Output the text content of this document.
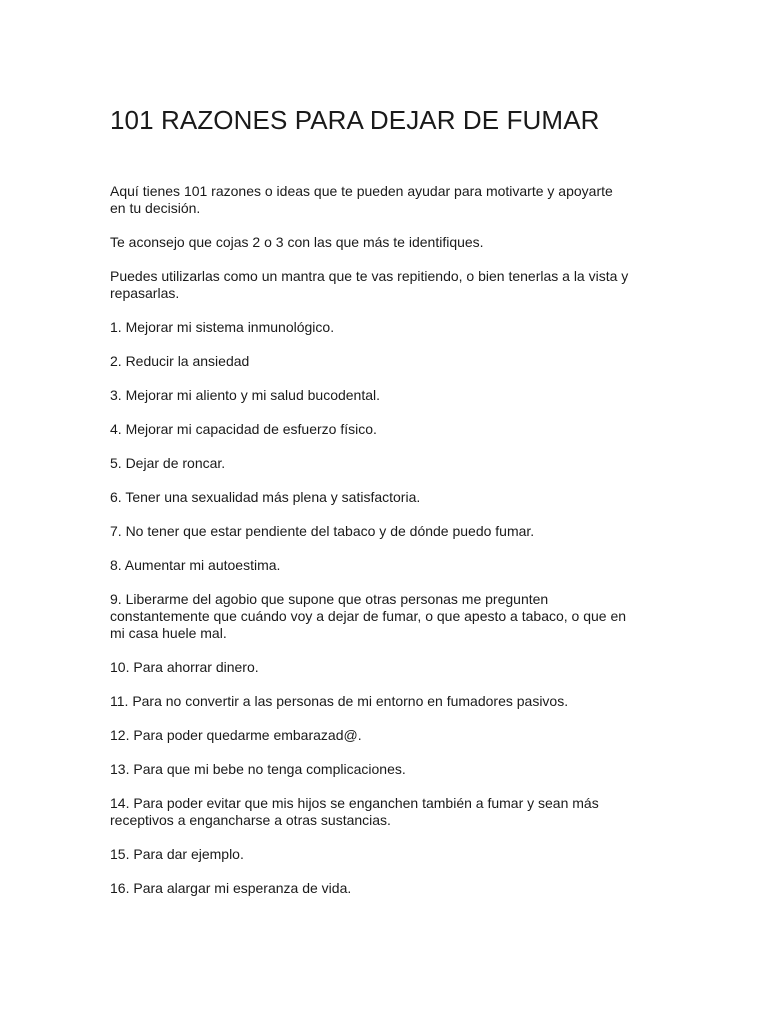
101 RAZONES PARA DEJAR DE FUMAR

Aquí tienes 101 razones o ideas que te pueden ayudar para motivarte y apoyarte en tu decisión.

Te aconsejo que cojas 2 o 3 con las que más te identifiques.

Puedes utilizarlas como un mantra que te vas repitiendo, o bien tenerlas a la vista y repasarlas.

1. Mejorar mi sistema inmunológico.

2. Reducir la ansiedad

3. Mejorar mi aliento y mi salud bucodental.

4. Mejorar mi capacidad de esfuerzo físico.

5. Dejar de roncar.

6. Tener una sexualidad más plena y satisfactoria.

7. No tener que estar pendiente del tabaco y de dónde puedo fumar.

8. Aumentar mi autoestima.

9. Liberarme del agobio que supone que otras personas me pregunten constantemente que cuándo voy a dejar de fumar, o que apesto a tabaco, o que en mi casa huele mal.

10. Para ahorrar dinero.

11. Para no convertir a las personas de mi entorno en fumadores pasivos.

12. Para poder quedarme embarazad@.

13. Para que mi bebe no tenga complicaciones.

14. Para poder evitar que mis hijos se enganchen también a fumar y sean más receptivos a engancharse a otras sustancias.

15. Para dar ejemplo.

16. Para alargar mi esperanza de vida.
